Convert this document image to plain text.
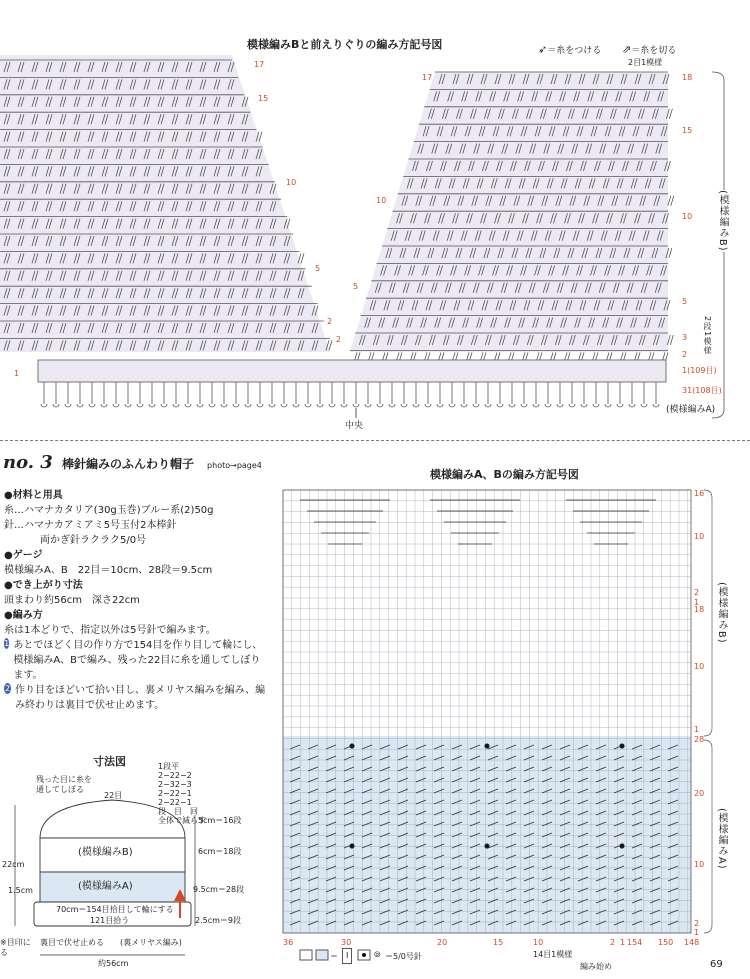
模様編みBと前えりぐりの編み方記号図	➶＝糸をつける ⇗＝糸を切る
17
15
10
5
2
1
17
10
5
2
2目1模様
18
15
10
5
3
2
1(109目)
31(108目)
(模様編みB)
2段1模様
(模様編みA)
中央
no. 3 棒針編みのふんわり帽子 photo→page4
●材料と用具
糸…ハマナカタリア(30g玉巻)ブルー系(2)50g
針…ハマナカアミアミ5号玉付2本棒針
両かぎ針ラクラク5/0号
●ゲージ
模様編みA、B　22目＝10cm、28段＝9.5cm
●でき上がり寸法
頭まわり約56cm　深さ22cm
●編み方
糸は1本どりで、指定以外は5号針で編みます。
1 あとでほどく目の作り方で154目を作り目して輪にし、模様編みA、Bで編み、残った22目に糸を通してしぼります。
2 作り目をほどいて拾い目し、裏メリヤス編みを編み、編み終わりは裏目で伏せ止めます。
寸法図
残った目に糸を通してしぼる
22目
1段平
2−22−2
2−32−3
2−22−1
2−22−1
段　目　回
全体で減らす
(模様編みB)
(模様編みA)
70cm＝154目拾目して輪にする
121目拾う
裏目で伏せ止める (裏メリヤス編み)
約56cm
22cm
1.5cm
※目印に
る
5cm＝16段
6cm＝18段
9.5cm＝28段
2.5cm＝9段
模様編みA、Bの編み方記号図
16
10
2
1
18
10
1
28
20
10
2
1
(模様編みB)
(模様編みA)
36	30	20	15	10	2 1 154 150 148
14目1模様
編み始め
＝	I	⦾ ＝5/0号針
69
